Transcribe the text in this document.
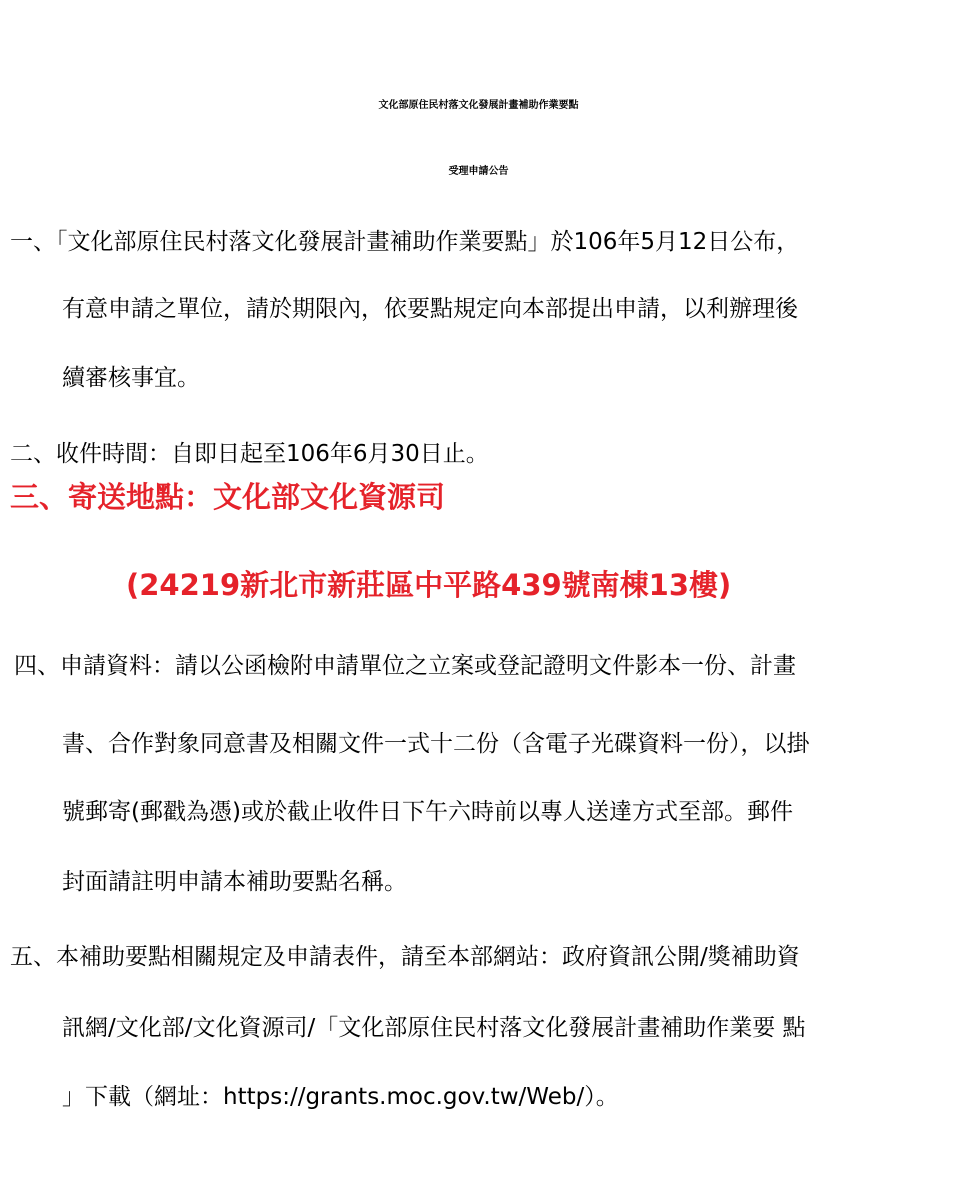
文化部原住民村落文化發展計畫補助作業要點
受理申請公告
一、「文化部原住民村落文化發展計畫補助作業要點」於106年5月12日公布，
有意申請之單位，請於期限內，依要點規定向本部提出申請，以利辦理後
續審核事宜。
二、收件時間：自即日起至106年6月30日止。
三、寄送地點：文化部文化資源司
(24219新北市新莊區中平路439號南棟13樓)
四、申請資料：請以公函檢附申請單位之立案或登記證明文件影本一份、計畫
書、合作對象同意書及相關文件一式十二份（含電子光碟資料一份），以掛
號郵寄(郵戳為憑)或於截止收件日下午六時前以專人送達方式至部。郵件
封面請註明申請本補助要點名稱。
五、本補助要點相關規定及申請表件，請至本部網站：政府資訊公開/獎補助資
訊網/文化部/文化資源司/「文化部原住民村落文化發展計畫補助作業要 點
」下載（網址：https://grants.moc.gov.tw/Web/）。
